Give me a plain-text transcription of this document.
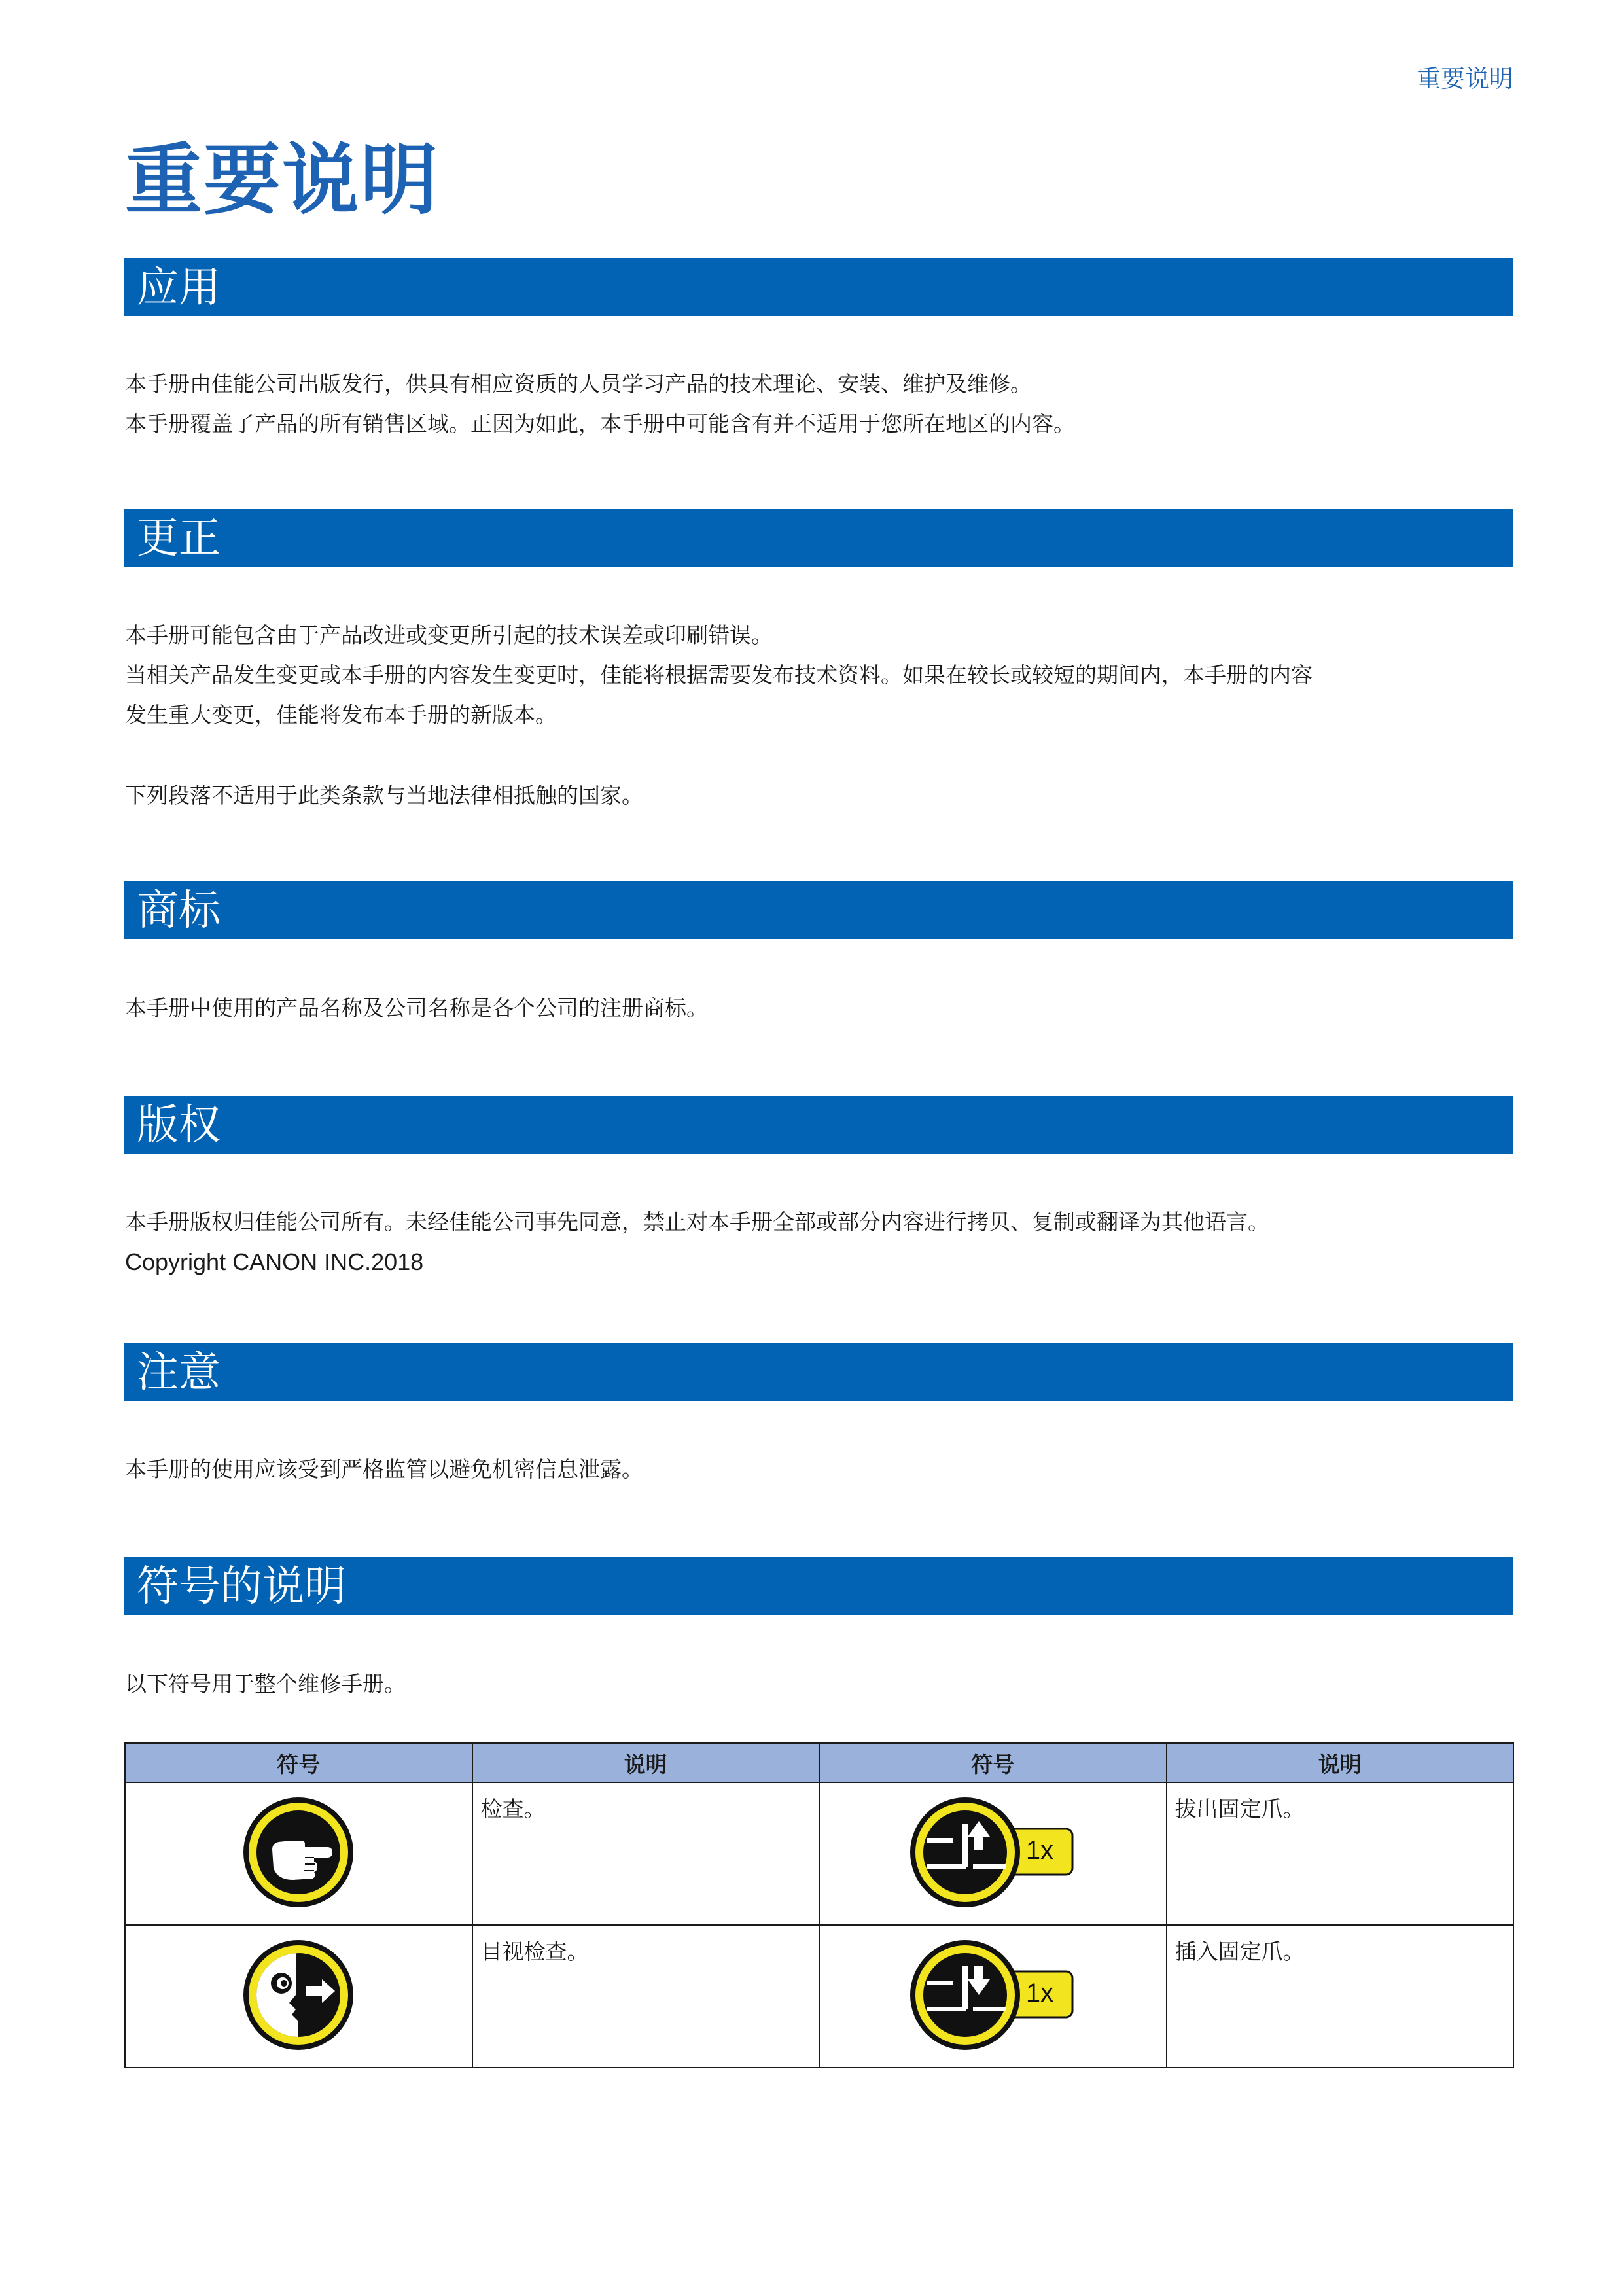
重要说明
重要说明
应用

本手册由佳能公司出版发行，供具有相应资质的人员学习产品的技术理论、安装、维护及维修。
本手册覆盖了产品的所有销售区域。正因为如此，本手册中可能含有并不适用于您所在地区的内容。

更正

本手册可能包含由于产品改进或变更所引起的技术误差或印刷错误。
当相关产品发生变更或本手册的内容发生变更时，佳能将根据需要发布技术资料。如果在较长或较短的期间内，本手册的内容
发生重大变更，佳能将发布本手册的新版本。

下列段落不适用于此类条款与当地法律相抵触的国家。

商标

本手册中使用的产品名称及公司名称是各个公司的注册商标。

版权

本手册版权归佳能公司所有。未经佳能公司事先同意，禁止对本手册全部或部分内容进行拷贝、复制或翻译为其他语言。
Copyright CANON INC.2018

注意

本手册的使用应该受到严格监管以避免机密信息泄露。

符号的说明

以下符号用于整个维修手册。

符号	说明	符号	说明
	检查。	1x	拔出固定爪。
	目视检查。	1x	插入固定爪。
